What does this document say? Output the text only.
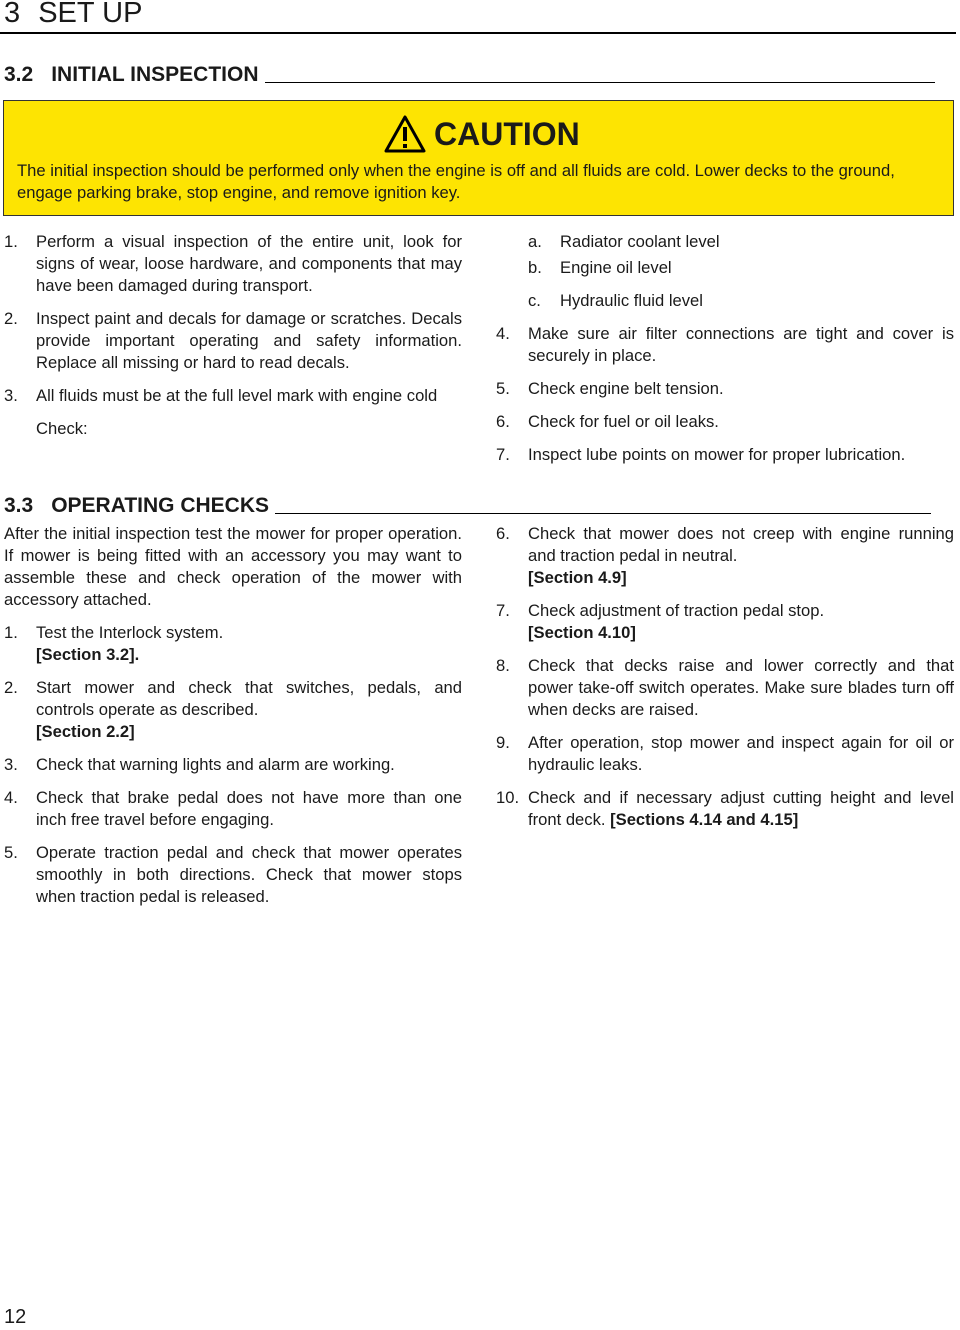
3 SET UP
3.2 INITIAL INSPECTION
CAUTION
The initial inspection should be performed only when the engine is off and all fluids are cold. Lower decks to the ground, engage parking brake, stop engine, and remove ignition key.
1.	Perform a visual inspection of the entire unit, look for signs of wear, loose hardware, and components that may have been damaged during transport.
2.	Inspect paint and decals for damage or scratches. Decals provide important operating and safety information. Replace all missing or hard to read decals.
3.	All fluids must be at the full level mark with engine cold
Check:
a.	Radiator coolant level
b.	Engine oil level
c.	Hydraulic fluid level
4.	Make sure air filter connections are tight and cover is securely in place.
5.	Check engine belt tension.
6.	Check for fuel or oil leaks.
7.	Inspect lube points on mower for proper lubrication.
3.3 OPERATING CHECKS
After the initial inspection test the mower for proper operation. If mower is being fitted with an accessory you may want to assemble these and check operation of the mower with accessory attached.
1.	Test the Interlock system.
[Section 3.2].
2.	Start mower and check that switches, pedals, and controls operate as described.
[Section 2.2]
3.	Check that warning lights and alarm are working.
4.	Check that brake pedal does not have more than one inch free travel before engaging.
5.	Operate traction pedal and check that mower operates smoothly in both directions. Check that mower stops when traction pedal is released.
6.	Check that mower does not creep with engine running and traction pedal in neutral.
[Section 4.9]
7.	Check adjustment of traction pedal stop.
[Section 4.10]
8.	Check that decks raise and lower correctly and that power take-off switch operates. Make sure blades turn off when decks are raised.
9.	After operation, stop mower and inspect again for oil or hydraulic leaks.
10. Check and if necessary adjust cutting height and level front deck. [Sections 4.14 and 4.15]
12
